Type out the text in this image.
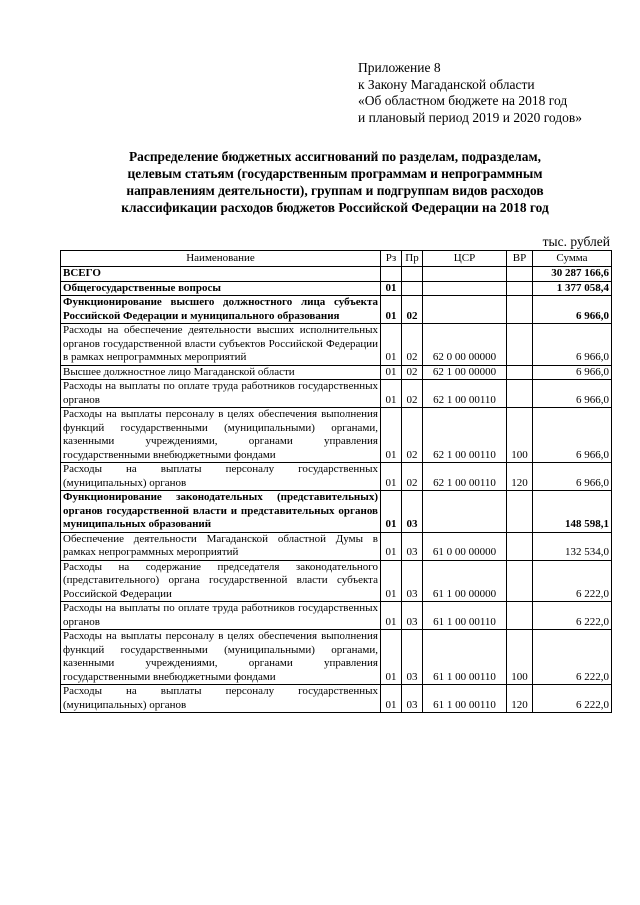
Приложение 8
к Закону Магаданской области
«Об областном бюджете на 2018 год
и плановый период 2019 и 2020 годов»
Распределение бюджетных ассигнований по разделам, подразделам,
целевым статьям (государственным программам и непрограммным
направлениям деятельности), группам и подгруппам видов расходов
классификации расходов бюджетов Российской Федерации на 2018 год
тыс. рублей
Наименование	Рз	Пр	ЦСР	ВР	Сумма
ВСЕГО					30 287 166,6
Общегосударственные вопросы	01				1 377 058,4
Функционирование высшего должностного лица субъекта Российской Федерации и муниципального образования	01	02			6 966,0
Расходы на обеспечение деятельности высших исполнительных органов государственной власти субъектов Российской Федерации в рамках непрограммных мероприятий	01	02	62 0 00 00000		6 966,0
Высшее должностное лицо Магаданской области	01	02	62 1 00 00000		6 966,0
Расходы на выплаты по оплате труда работников государственных органов	01	02	62 1 00 00110		6 966,0
Расходы на выплаты персоналу в целях обеспечения выполнения функций государственными (муниципальными) органами, казенными учреждениями, органами управления государственными внебюджетными фондами	01	02	62 1 00 00110	100	6 966,0
Расходы на выплаты персоналу государственных (муниципальных) органов	01	02	62 1 00 00110	120	6 966,0
Функционирование законодательных (представительных) органов государственной власти и представительных органов муниципальных образований	01	03			148 598,1
Обеспечение деятельности Магаданской областной Думы в рамках непрограммных мероприятий	01	03	61 0 00 00000		132 534,0
Расходы на содержание председателя законодательного (представительного) органа государственной власти субъекта Российской Федерации	01	03	61 1 00 00000		6 222,0
Расходы на выплаты по оплате труда работников государственных органов	01	03	61 1 00 00110		6 222,0
Расходы на выплаты персоналу в целях обеспечения выполнения функций государственными (муниципальными) органами, казенными учреждениями, органами управления государственными внебюджетными фондами	01	03	61 1 00 00110	100	6 222,0
Расходы на выплаты персоналу государственных (муниципальных) органов	01	03	61 1 00 00110	120	6 222,0
